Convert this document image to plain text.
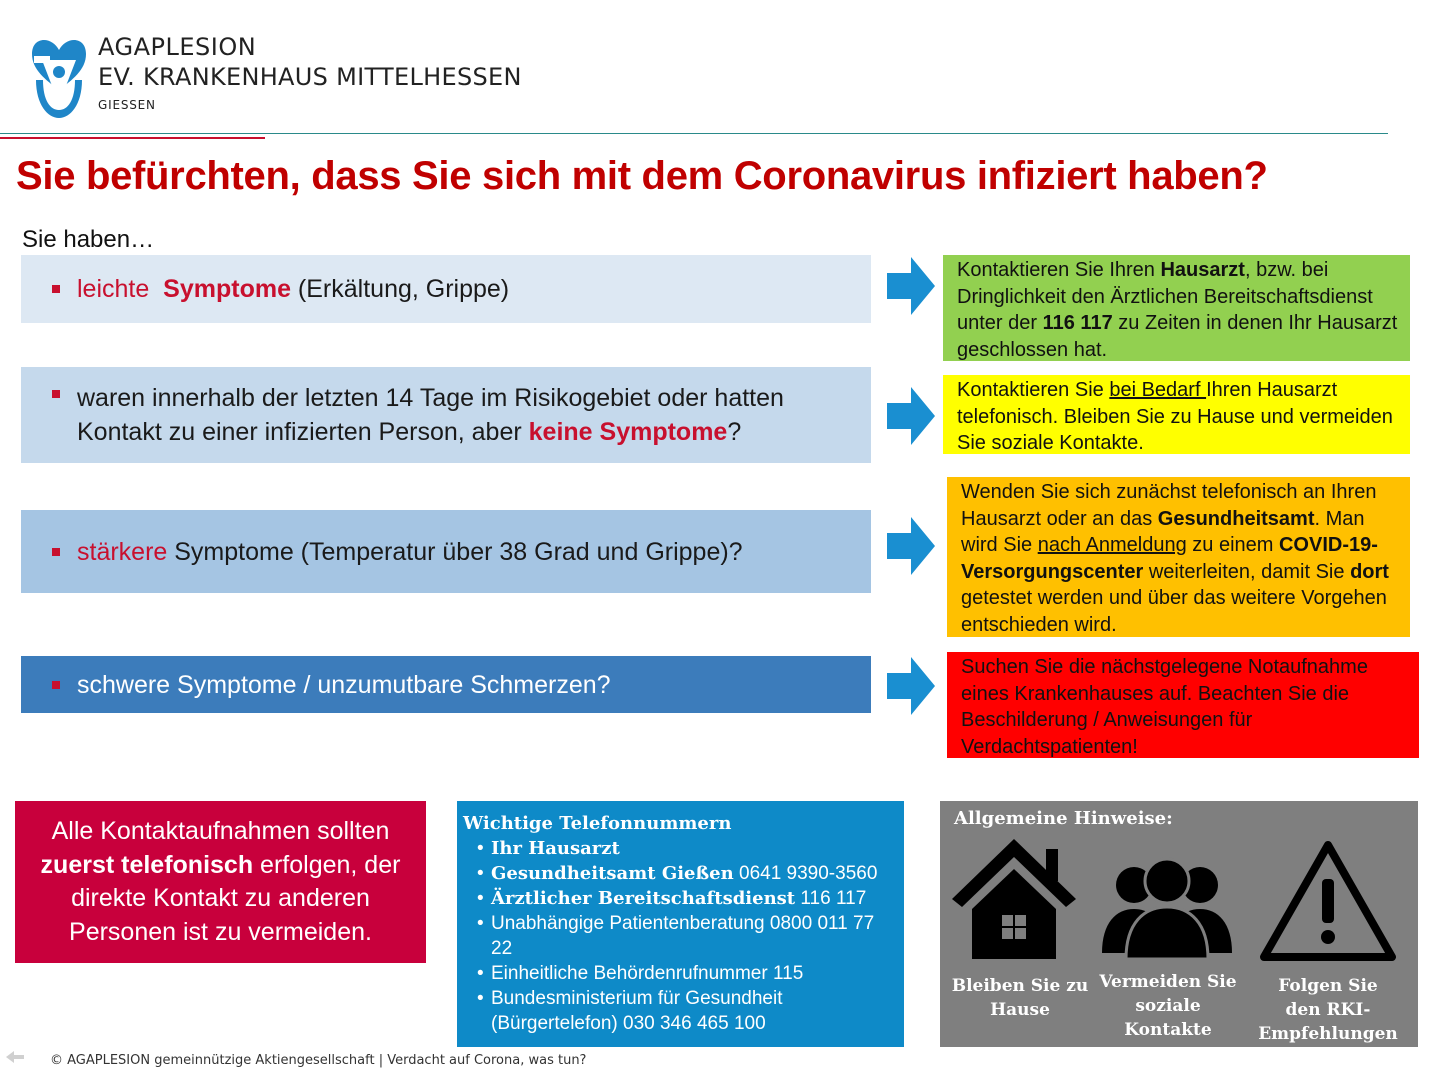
AGAPLESION
EV. KRANKENHAUS MITTELHESSEN
GIESSEN
Sie befürchten, dass Sie sich mit dem Coronavirus infiziert haben?
Sie haben…
leichte Symptome (Erkältung, Grippe)
waren innerhalb der letzten 14 Tage im Risikogebiet oder hatten Kontakt zu einer infizierten Person, aber keine Symptome?
stärkere Symptome (Temperatur über 38 Grad und Grippe)?
schwere Symptome / unzumutbare Schmerzen?
Kontaktieren Sie Ihren Hausarzt, bzw. bei Dringlichkeit den Ärztlichen Bereitschaftsdienst unter der 116 117 zu Zeiten in denen Ihr Hausarzt geschlossen hat.
Kontaktieren Sie bei Bedarf Ihren Hausarzt telefonisch. Bleiben Sie zu Hause und vermeiden Sie soziale Kontakte.
Wenden Sie sich zunächst telefonisch an Ihren Hausarzt oder an das Gesundheitsamt. Man wird Sie nach Anmeldung zu einem COVID-19-Versorgungscenter weiterleiten, damit Sie dort getestet werden und über das weitere Vorgehen entschieden wird.
Suchen Sie die nächstgelegene Notaufnahme eines Krankenhauses auf. Beachten Sie die Beschilderung / Anweisungen für Verdachtspatienten!
Alle Kontaktaufnahmen sollten zuerst telefonisch erfolgen, der direkte Kontakt zu anderen Personen ist zu vermeiden.
Wichtige Telefonnummern
• Ihr Hausarzt
• Gesundheitsamt Gießen 0641 9390-3560
• Ärztlicher Bereitschaftsdienst 116 117
• Unabhängige Patientenberatung 0800 011 77 22
• Einheitliche Behördenrufnummer 115
• Bundesministerium für Gesundheit (Bürgertelefon) 030 346 465 100
Allgemeine Hinweise:
Bleiben Sie zu Hause
Vermeiden Sie soziale Kontakte
Folgen Sie den RKI-Empfehlungen
© AGAPLESION gemeinnützige Aktiengesellschaft | Verdacht auf Corona, was tun?
